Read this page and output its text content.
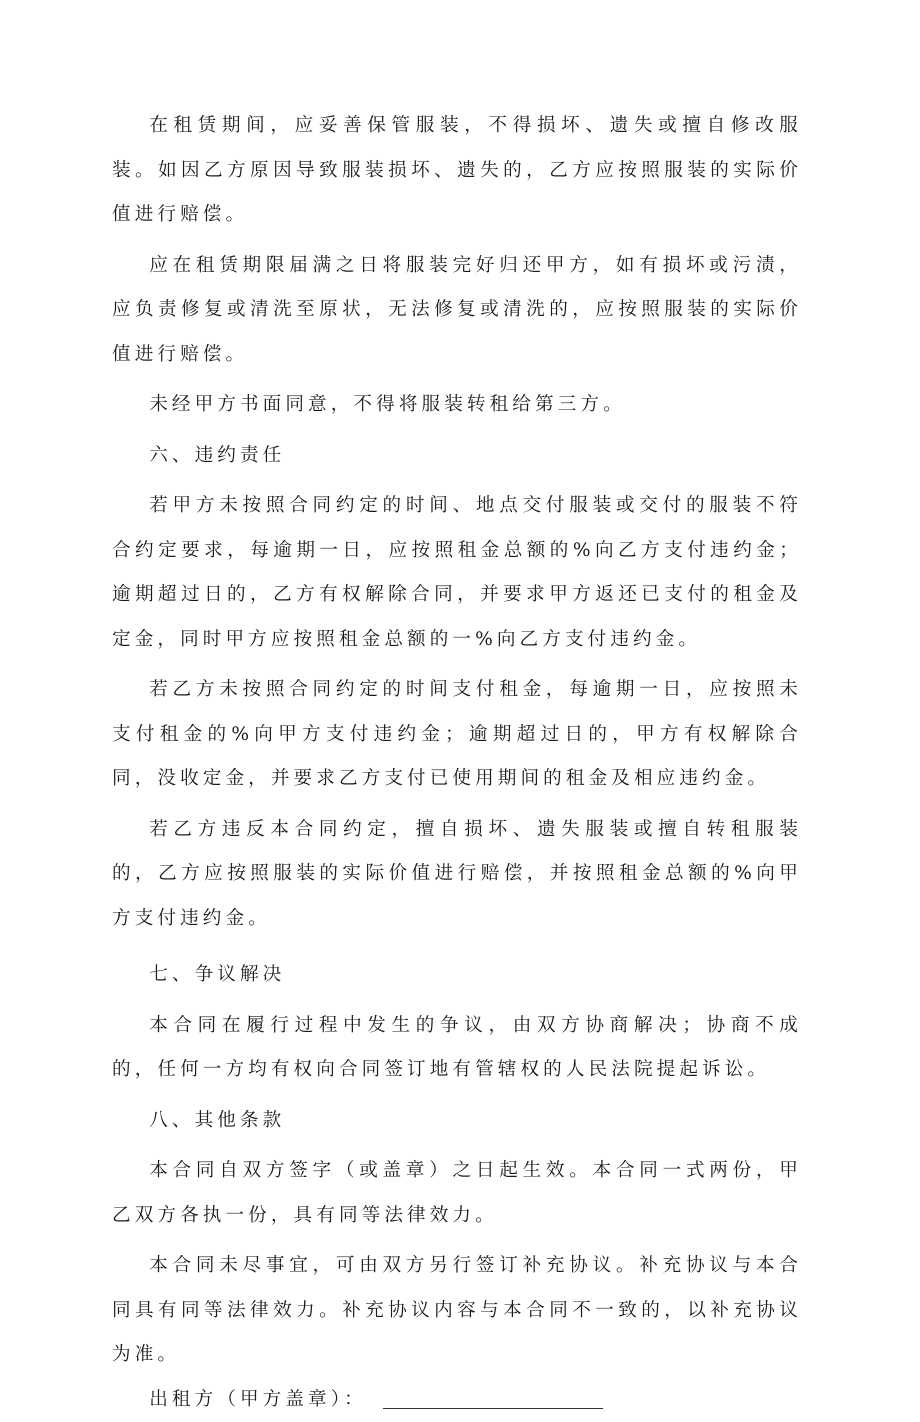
在租赁期间，应妥善保管服装，不得损坏、遗失或擅自修改服装。如因乙方原因导致服装损坏、遗失的，乙方应按照服装的实际价值进行赔偿。

应在租赁期限届满之日将服装完好归还甲方，如有损坏或污渍，应负责修复或清洗至原状，无法修复或清洗的，应按照服装的实际价值进行赔偿。

未经甲方书面同意，不得将服装转租给第三方。

六、违约责任

若甲方未按照合同约定的时间、地点交付服装或交付的服装不符合约定要求，每逾期一日，应按照租金总额的%向乙方支付违约金；逾期超过日的，乙方有权解除合同，并要求甲方返还已支付的租金及定金，同时甲方应按照租金总额的一%向乙方支付违约金。

若乙方未按照合同约定的时间支付租金，每逾期一日，应按照未支付租金的%向甲方支付违约金；逾期超过日的，甲方有权解除合同，没收定金，并要求乙方支付已使用期间的租金及相应违约金。

若乙方违反本合同约定，擅自损坏、遗失服装或擅自转租服装的，乙方应按照服装的实际价值进行赔偿，并按照租金总额的%向甲方支付违约金。

七、争议解决

本合同在履行过程中发生的争议，由双方协商解决；协商不成的，任何一方均有权向合同签订地有管辖权的人民法院提起诉讼。

八、其他条款

本合同自双方签字（或盖章）之日起生效。本合同一式两份，甲乙双方各执一份，具有同等法律效力。

本合同未尽事宜，可由双方另行签订补充协议。补充协议与本合同具有同等法律效力。补充协议内容与本合同不一致的，以补充协议为准。

出租方（甲方盖章）：
